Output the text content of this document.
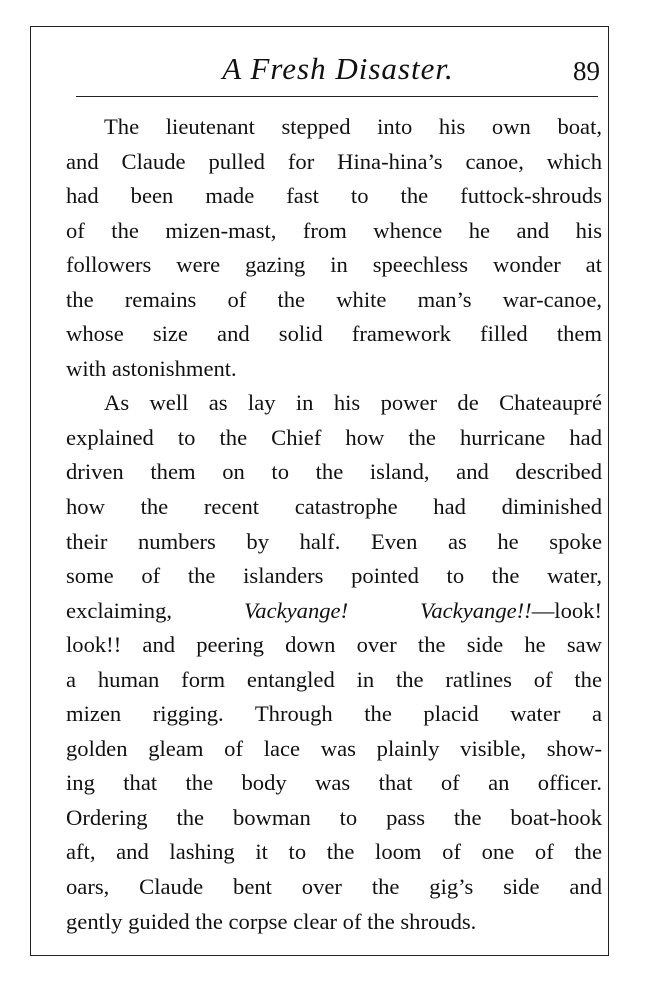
A Fresh Disaster.	89
The lieutenant stepped into his own boat,
and Claude pulled for Hina-hina’s canoe, which
had been made fast to the futtock-shrouds
of the mizen-mast, from whence he and his
followers were gazing in speechless wonder at
the remains of the white man’s war-canoe,
whose size and solid framework filled them
with astonishment.
As well as lay in his power de Chateaupré
explained to the Chief how the hurricane had
driven them on to the island, and described
how the recent catastrophe had diminished
their numbers by half. Even as he spoke
some of the islanders pointed to the water,
exclaiming, Vackyange! Vackyange!!—look!
look!! and peering down over the side he saw
a human form entangled in the ratlines of the
mizen rigging. Through the placid water a
golden gleam of lace was plainly visible, show-
ing that the body was that of an officer.
Ordering the bowman to pass the boat-hook
aft, and lashing it to the loom of one of the
oars, Claude bent over the gig’s side and
gently guided the corpse clear of the shrouds.
